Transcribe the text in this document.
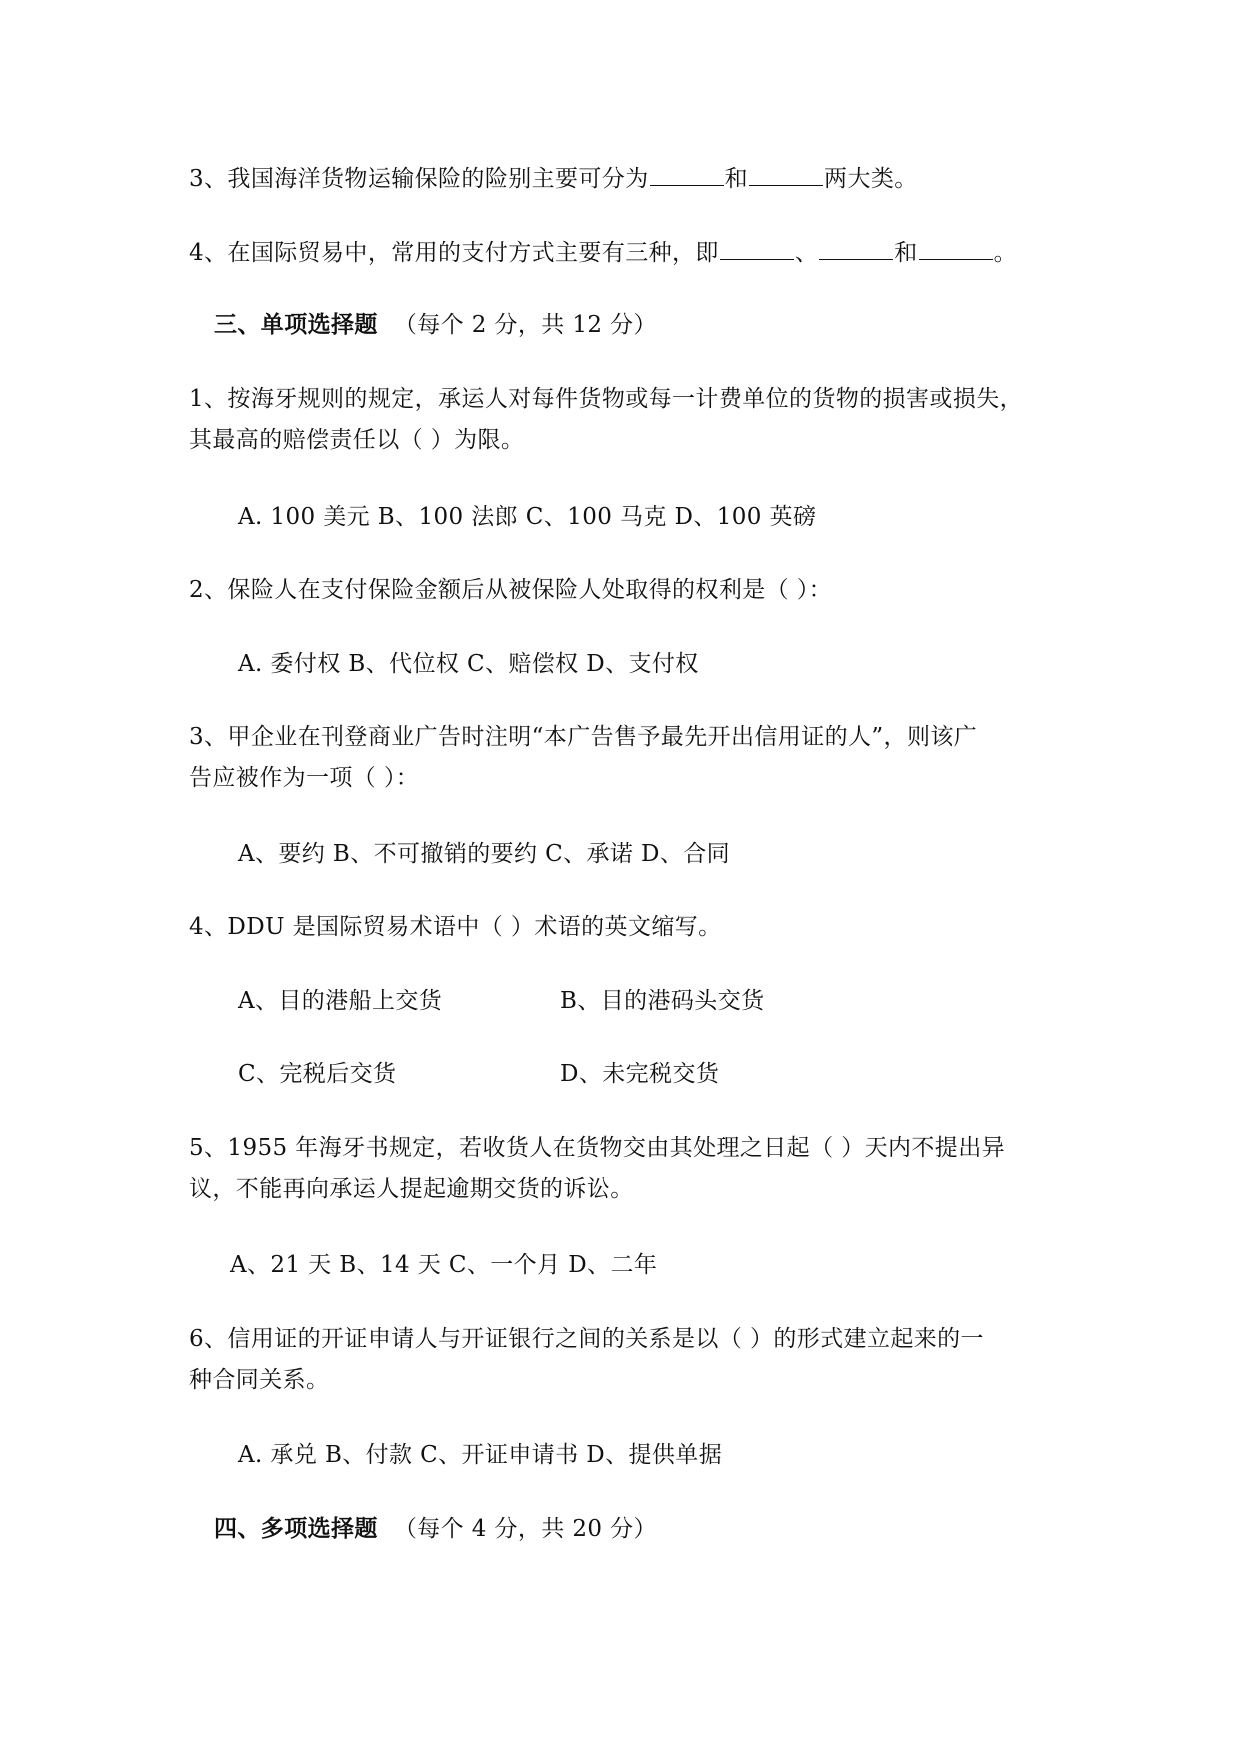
3、我国海洋货物运输保险的险别主要可分为	和	两大类。
4、在国际贸易中，常用的支付方式主要有三种，即	、	和	。
三、单项选择题 （每个 2 分，共 12 分）
1、按海牙规则的规定，承运人对每件货物或每一计费单位的货物的损害或损失，
其最高的赔偿责任以（ ）为限。
A. 100 美元 B、100 法郎 C、100 马克 D、100 英磅
2、保险人在支付保险金额后从被保险人处取得的权利是（ ）：
A. 委付权 B、代位权 C、赔偿权 D、支付权
3、甲企业在刊登商业广告时注明“本广告售予最先开出信用证的人”，则该广
告应被作为一项（ ）：
A、要约 B、不可撤销的要约 C、承诺 D、合同
4、DDU 是国际贸易术语中（ ）术语的英文缩写。
A、目的港船上交货	B、目的港码头交货
C、完税后交货	D、未完税交货
5、1955 年海牙书规定，若收货人在货物交由其处理之日起（ ）天内不提出异
议，不能再向承运人提起逾期交货的诉讼。
A、21 天 B、14 天 C、一个月 D、二年
6、信用证的开证申请人与开证银行之间的关系是以（ ）的形式建立起来的一
种合同关系。
A. 承兑 B、付款 C、开证申请书 D、提供单据
四、多项选择题 （每个 4 分，共 20 分）
